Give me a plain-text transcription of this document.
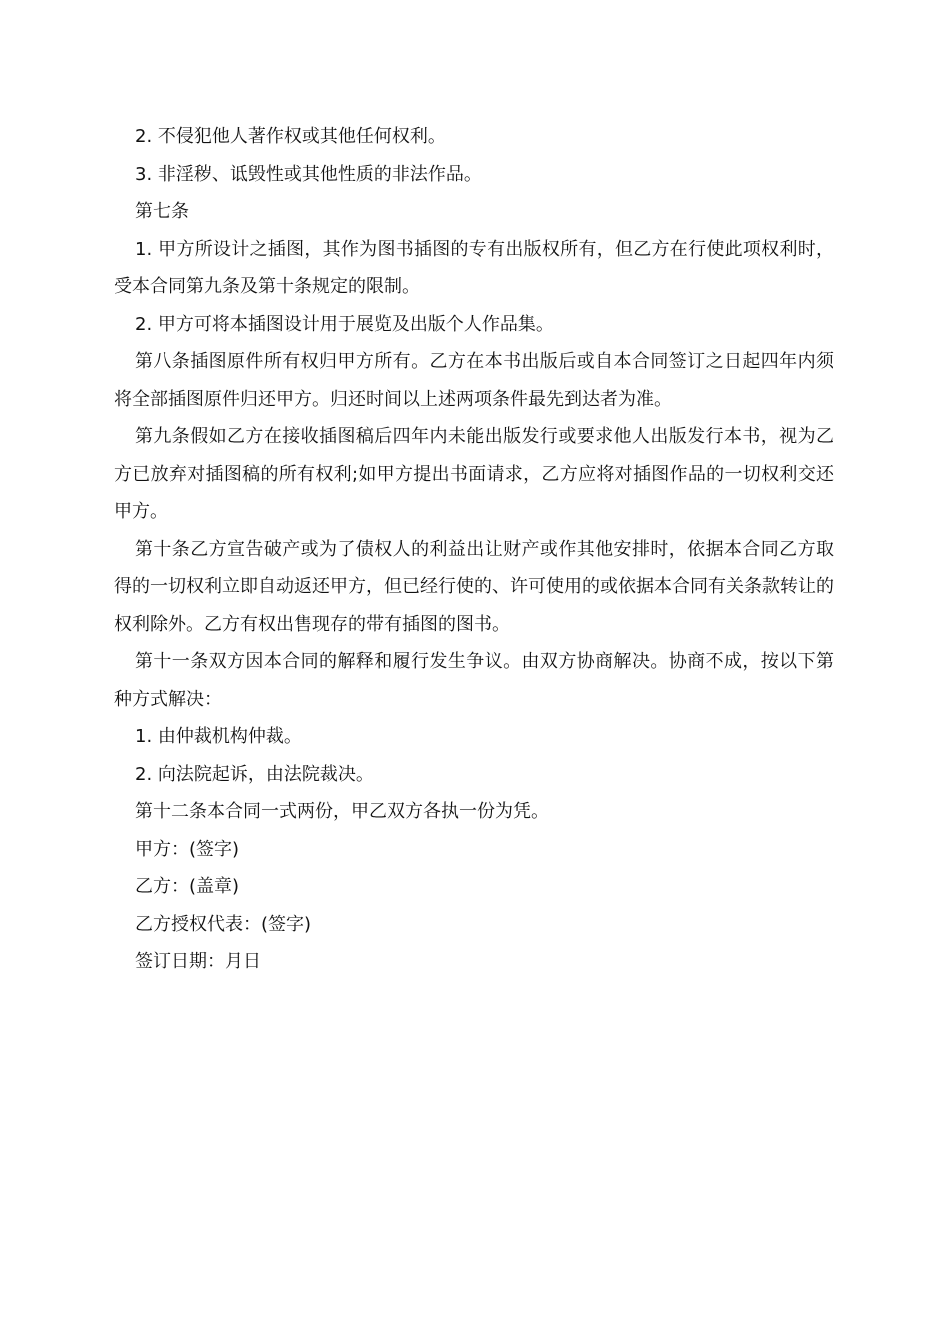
2. 不侵犯他人著作权或其他任何权利。

3. 非淫秽、诋毁性或其他性质的非法作品。

第七条

1. 甲方所设计之插图，其作为图书插图的专有出版权所有，但乙方在行使此项权利时，受本合同第九条及第十条规定的限制。

2. 甲方可将本插图设计用于展览及出版个人作品集。

第八条插图原件所有权归甲方所有。乙方在本书出版后或自本合同签订之日起四年内须将全部插图原件归还甲方。归还时间以上述两项条件最先到达者为准。

第九条假如乙方在接收插图稿后四年内未能出版发行或要求他人出版发行本书，视为乙方已放弃对插图稿的所有权利;如甲方提出书面请求，乙方应将对插图作品的一切权利交还甲方。

第十条乙方宣告破产或为了债权人的利益出让财产或作其他安排时，依据本合同乙方取得的一切权利立即自动返还甲方，但已经行使的、许可使用的或依据本合同有关条款转让的权利除外。乙方有权出售现存的带有插图的图书。

第十一条双方因本合同的解释和履行发生争议。由双方协商解决。协商不成，按以下第种方式解决：

1. 由仲裁机构仲裁。

2. 向法院起诉，由法院裁决。

第十二条本合同一式两份，甲乙双方各执一份为凭。

甲方：(签字)

乙方：(盖章)

乙方授权代表：(签字)

签订日期：月日
